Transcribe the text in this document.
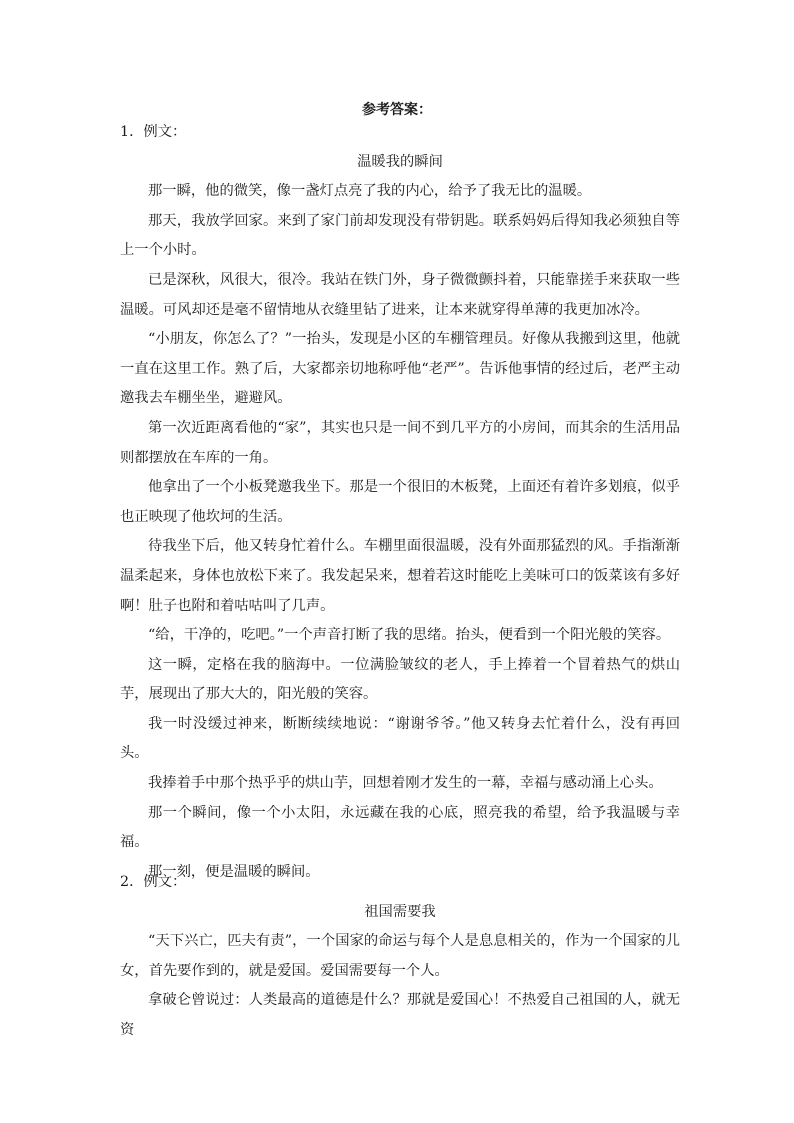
参考答案：

1．例文：

温暖我的瞬间

那一瞬，他的微笑，像一盏灯点亮了我的内心，给予了我无比的温暖。

那天，我放学回家。来到了家门前却发现没有带钥匙。联系妈妈后得知我必须独自等上一个小时。

已是深秋，风很大，很冷。我站在铁门外，身子微微颤抖着，只能靠搓手来获取一些温暖。可风却还是毫不留情地从衣缝里钻了进来，让本来就穿得单薄的我更加冰冷。

“小朋友，你怎么了？”一抬头，发现是小区的车棚管理员。好像从我搬到这里，他就一直在这里工作。熟了后，大家都亲切地称呼他“老严”。告诉他事情的经过后，老严主动邀我去车棚坐坐，避避风。

第一次近距离看他的“家”，其实也只是一间不到几平方的小房间，而其余的生活用品则都摆放在车库的一角。

他拿出了一个小板凳邀我坐下。那是一个很旧的木板凳，上面还有着许多划痕，似乎也正映现了他坎坷的生活。

待我坐下后，他又转身忙着什么。车棚里面很温暖，没有外面那猛烈的风。手指渐渐温柔起来，身体也放松下来了。我发起呆来，想着若这时能吃上美味可口的饭菜该有多好啊！肚子也附和着咕咕叫了几声。

“给，干净的，吃吧。”一个声音打断了我的思绪。抬头，便看到一个阳光般的笑容。

这一瞬，定格在我的脑海中。一位满脸皱纹的老人，手上捧着一个冒着热气的烘山芋，展现出了那大大的，阳光般的笑容。

我一时没缓过神来，断断续续地说：“谢谢爷爷。”他又转身去忙着什么，没有再回头。

我捧着手中那个热乎乎的烘山芋，回想着刚才发生的一幕，幸福与感动涌上心头。

那一个瞬间，像一个小太阳，永远藏在我的心底，照亮我的希望，给予我温暖与幸福。

那一刻，便是温暖的瞬间。

2．例文：

祖国需要我

“天下兴亡，匹夫有责”，一个国家的命运与每个人是息息相关的，作为一个国家的儿女，首先要作到的，就是爱国。爱国需要每一个人。

拿破仑曾说过：人类最高的道德是什么？那就是爱国心！不热爱自己祖国的人，就无资
